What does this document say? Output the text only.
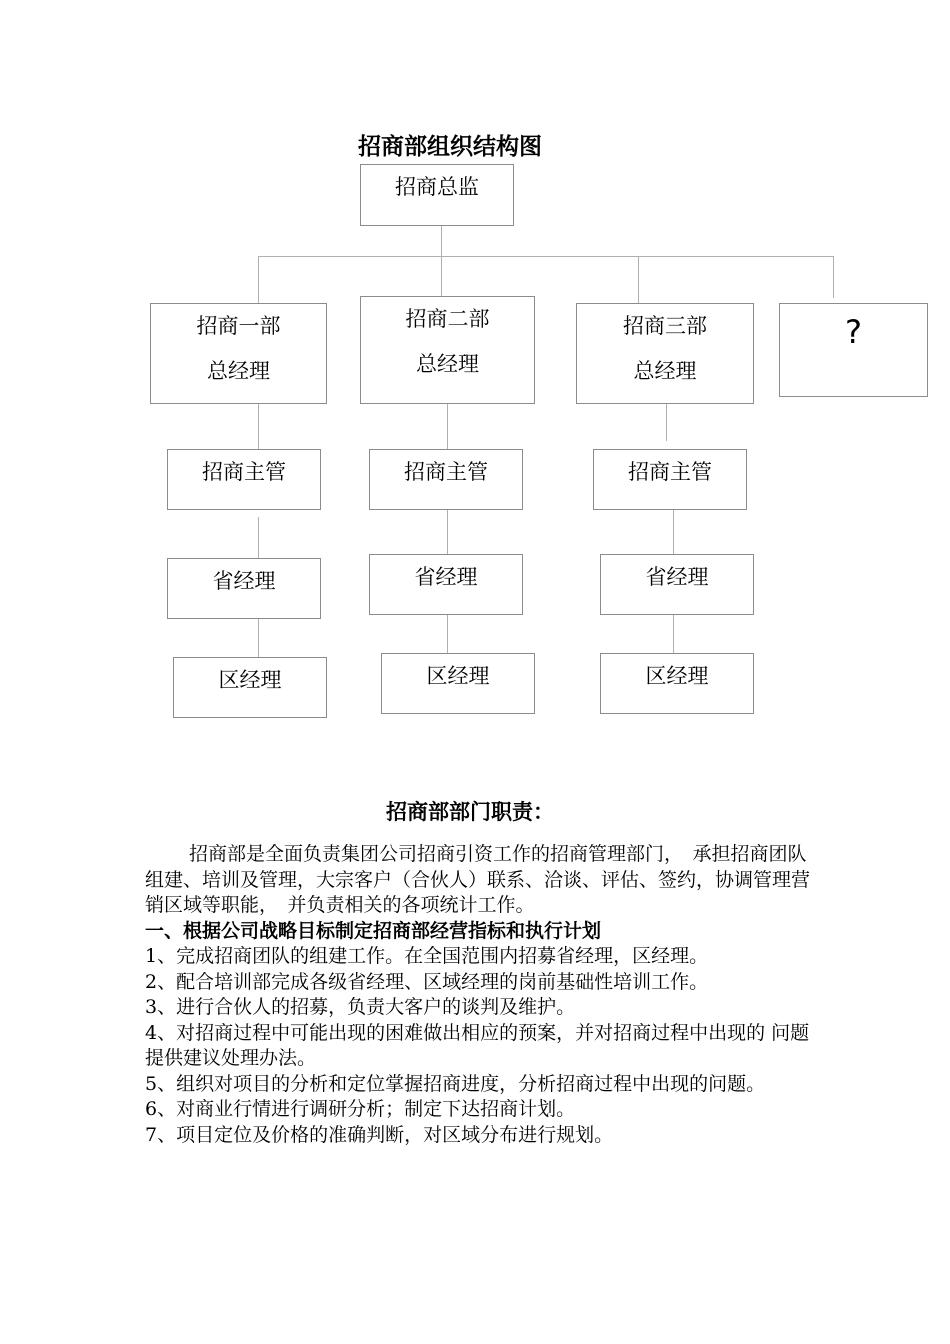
招商部组织结构图
招商总监
招商一部
总经理
招商二部
总经理
招商三部
总经理
?
招商主管	招商主管	招商主管
省经理	省经理	省经理
区经理	区经理	区经理
招商部部门职责：

招商部是全面负责集团公司招商引资工作的招商管理部门，　承担招商团队组建、培训及管理，大宗客户（合伙人）联系、洽谈、评估、签约，协调管理营销区域等职能，　并负责相关的各项统计工作。

一、根据公司战略目标制定招商部经营指标和执行计划

1、完成招商团队的组建工作。在全国范围内招募省经理，区经理。

2、配合培训部完成各级省经理、区域经理的岗前基础性培训工作。

3、进行合伙人的招募，负责大客户的谈判及维护。

4、对招商过程中可能出现的困难做出相应的预案，并对招商过程中出现的 问题提供建议处理办法。

5、组织对项目的分析和定位掌握招商进度，分析招商过程中出现的问题。

6、对商业行情进行调研分析；制定下达招商计划。

7、项目定位及价格的准确判断，对区域分布进行规划。
